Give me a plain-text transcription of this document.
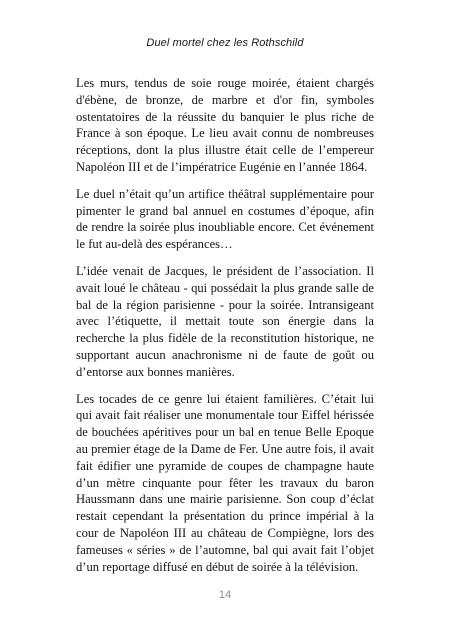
Duel mortel chez les Rothschild

Les murs, tendus de soie rouge moirée, étaient chargés d'ébène, de bronze, de marbre et d'or fin, symboles ostentatoires de la réussite du banquier le plus riche de France à son époque. Le lieu avait connu de nombreuses réceptions, dont la plus illustre était celle de l’empereur Napoléon III et de l’impératrice Eugénie en l’année 1864.

Le duel n’était qu’un artifice théâtral supplémentaire pour pimenter le grand bal annuel en costumes d’époque, afin de rendre la soirée plus inoubliable encore. Cet événement le fut au-delà des espérances…

L’idée venait de Jacques, le président de l’association. Il avait loué le château - qui possédait la plus grande salle de bal de la région parisienne - pour la soirée. Intransigeant avec l’étiquette, il mettait toute son énergie dans la recherche la plus fidèle de la reconstitution historique, ne supportant aucun anachronisme ni de faute de goût ou d’entorse aux bonnes manières.

Les tocades de ce genre lui étaient familières. C’était lui qui avait fait réaliser une monumentale tour Eiffel hérissée de bouchées apéritives pour un bal en tenue Belle Epoque au premier étage de la Dame de Fer. Une autre fois, il avait fait édifier une pyramide de coupes de champagne haute d’un mètre cinquante pour fêter les travaux du baron Haussmann dans une mairie parisienne. Son coup d’éclat restait cependant la présentation du prince impérial à la cour de Napoléon III au château de Compiègne, lors des fameuses « séries » de l’automne, bal qui avait fait l’objet d’un reportage diffusé en début de soirée à la télévision.

14
